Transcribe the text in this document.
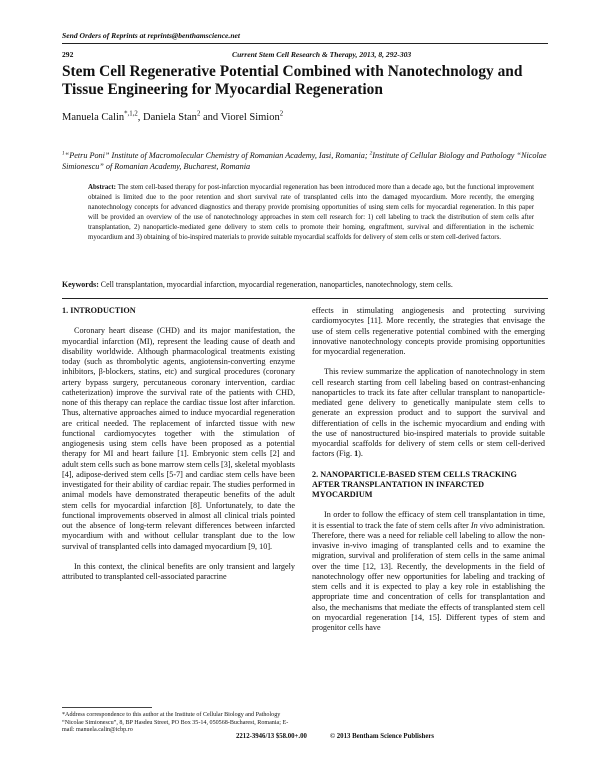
Send Orders of Reprints at reprints@benthamscience.net
292	Current Stem Cell Research & Therapy, 2013, 8, 292-303
Stem Cell Regenerative Potential Combined with Nanotechnology and Tissue Engineering for Myocardial Regeneration
Manuela Calin$^{*,1,2}$, Daniela Stan$^2$ and Viorel Simion$^2$
$^1$“Petru Poni” Institute of Macromolecular Chemistry of Romanian Academy, Iasi, Romania; $^2$Institute of Cellular Biology and Pathology “Nicolae Simionescu” of Romanian Academy, Bucharest, Romania
Abstract: The stem cell-based therapy for post-infarction myocardial regeneration has been introduced more than a decade ago, but the functional improvement obtained is limited due to the poor retention and short survival rate of transplanted cells into the damaged myocardium. More recently, the emerging nanotechnology concepts for advanced diagnostics and therapy provide promising opportunities of using stem cells for myocardial regeneration. In this paper will be provided an overview of the use of nanotechnology approaches in stem cell research for: 1) cell labeling to track the distribution of stem cells after transplantation, 2) nanoparticle-mediated gene delivery to stem cells to promote their homing, engraftment, survival and differentiation in the ischemic myocardium and 3) obtaining of bio-inspired materials to provide suitable myocardial scaffolds for delivery of stem cells or stem cell-derived factors.
Keywords: Cell transplantation, myocardial infarction, myocardial regeneration, nanoparticles, nanotechnology, stem cells.
1. INTRODUCTION

Coronary heart disease (CHD) and its major manifestation, the myocardial infarction (MI), represent the leading cause of death and disability worldwide. Although pharmacological treatments existing today (such as thrombolytic agents, angiotensin-converting enzyme inhibitors, β-blockers, statins, etc) and surgical procedures (coronary artery bypass surgery, percutaneous coronary intervention, cardiac catheterization) improve the survival rate of the patients with CHD, none of this therapy can replace the cardiac tissue lost after infarction. Thus, alternative approaches aimed to induce myocardial regeneration are critical needed. The replacement of infarcted tissue with new functional cardiomyocytes together with the stimulation of angiogenesis using stem cells have been proposed as a potential therapy for MI and heart failure [1]. Embryonic stem cells [2] and adult stem cells such as bone marrow stem cells [3], skeletal myoblasts [4], adipose-derived stem cells [5-7] and cardiac stem cells have been investigated for their ability of cardiac repair. The studies performed in animal models have demonstrated therapeutic benefits of the adult stem cells for myocardial infarction [8]. Unfortunately, to date the functional improvements observed in almost all clinical trials pointed out the absence of long-term relevant differences between infarcted myocardium with and without cellular transplant due to the low survival of transplanted cells into damaged myocardium [9, 10].

In this context, the clinical benefits are only transient and largely attributed to transplanted cell-associated paracrine

effects in stimulating angiogenesis and protecting surviving cardiomyocytes [11]. More recently, the strategies that envisage the use of stem cells regenerative potential combined with the emerging innovative nanotechnology concepts provide promising opportunities for myocardial regeneration.

This review summarize the application of nanotechnology in stem cell research starting from cell labeling based on contrast-enhancing nanoparticles to track its fate after cellular transplant to nanoparticle-mediated gene delivery to genetically manipulate stem cells to generate an expression product and to support the survival and differentiation of cells in the ischemic myocardium and ending with the use of nanostructured bio-inspired materials to provide suitable myocardial scaffolds for delivery of stem cells or stem cell-derived factors (Fig. 1).

2. NANOPARTICLE-BASED STEM CELLS TRACKING AFTER TRANSPLANTATION IN INFARCTED MYOCARDIUM

In order to follow the efficacy of stem cell transplantation in time, it is essential to track the fate of stem cells after In vivo administration. Therefore, there was a need for reliable cell labeling to allow the non-invasive in-vivo imaging of transplanted cells and to examine the migration, survival and proliferation of stem cells in the same animal over the time [12, 13]. Recently, the developments in the field of nanotechnology offer new opportunities for labeling and tracking of stem cells and it is expected to play a key role in establishing the appropriate time and concentration of cells for transplantation and also, the mechanisms that mediate the effects of transplanted stem cell on myocardial regeneration [14, 15]. Different types of stem and progenitor cells have

*Address correspondence to this author at the Institute of Cellular Biology and Pathology “Nicolae Simionescu”, 8, BP Hasdeu Street, PO Box 35-14, 050568-Bucharest, Romania; E-mail: manuela.calin@icbp.ro
2212-3946/13 $58.00+.00	© 2013 Bentham Science Publishers
